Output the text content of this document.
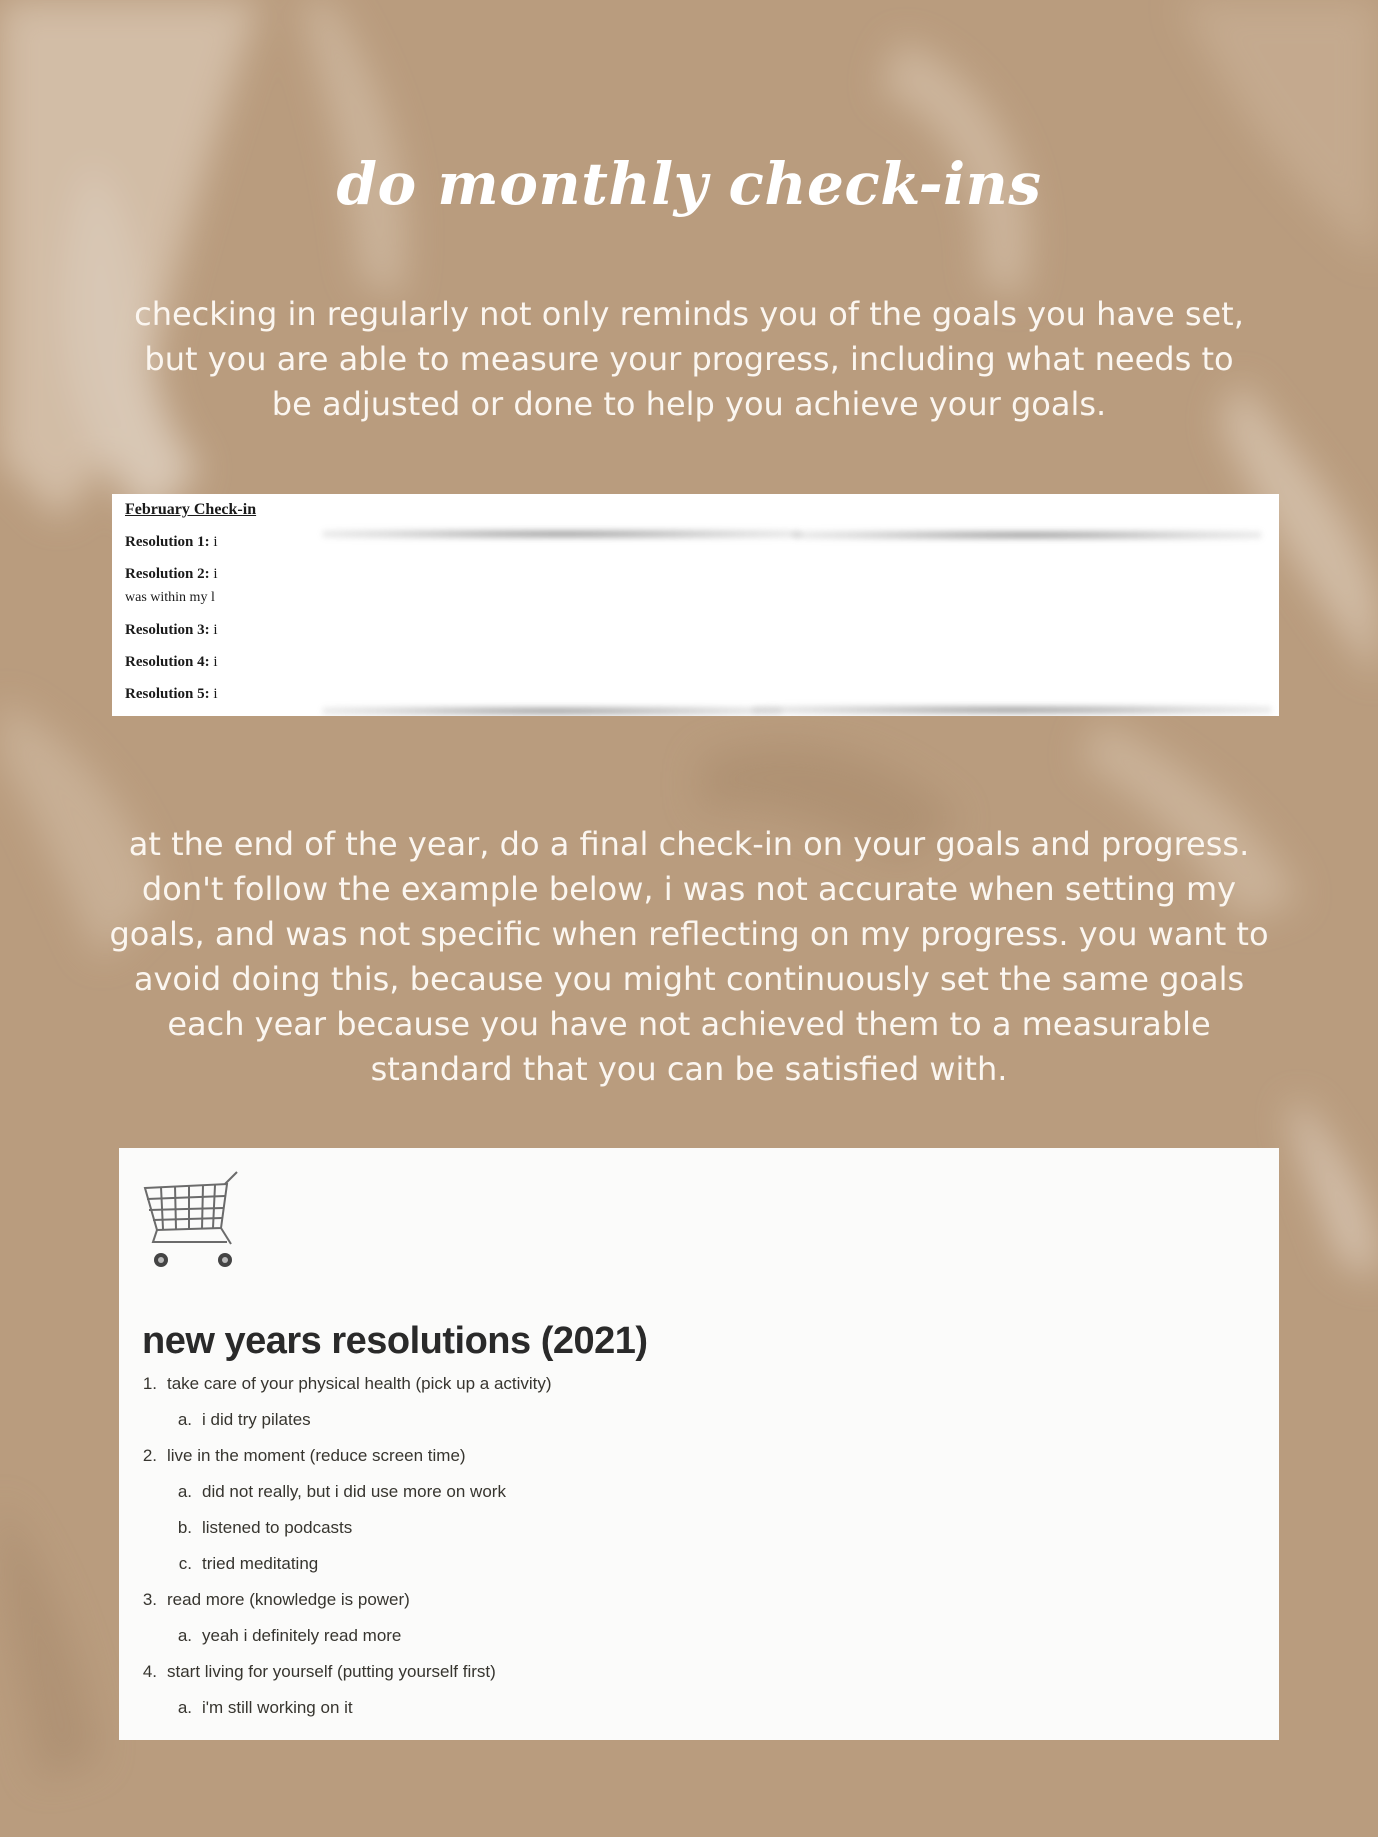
do monthly check-ins
checking in regularly not only reminds you of the goals you have set, but you are able to measure your progress, including what needs to be adjusted or done to help you achieve your goals.
February Check-in
Resolution 1: i
Resolution 2: i
was within my l
Resolution 3: i
Resolution 4: i
Resolution 5: i
at the end of the year, do a final check-in on your goals and progress. don't follow the example below, i was not accurate when setting my goals, and was not specific when reflecting on my progress. you want to avoid doing this, because you might continuously set the same goals each year because you have not achieved them to a measurable standard that you can be satisfied with.
new years resolutions (2021)
1. take care of your physical health (pick up a activity)
a. i did try pilates
2. live in the moment (reduce screen time)
a. did not really, but i did use more on work
b. listened to podcasts
c. tried meditating
3. read more (knowledge is power)
a. yeah i definitely read more
4. start living for yourself (putting yourself first)
a. i'm still working on it
